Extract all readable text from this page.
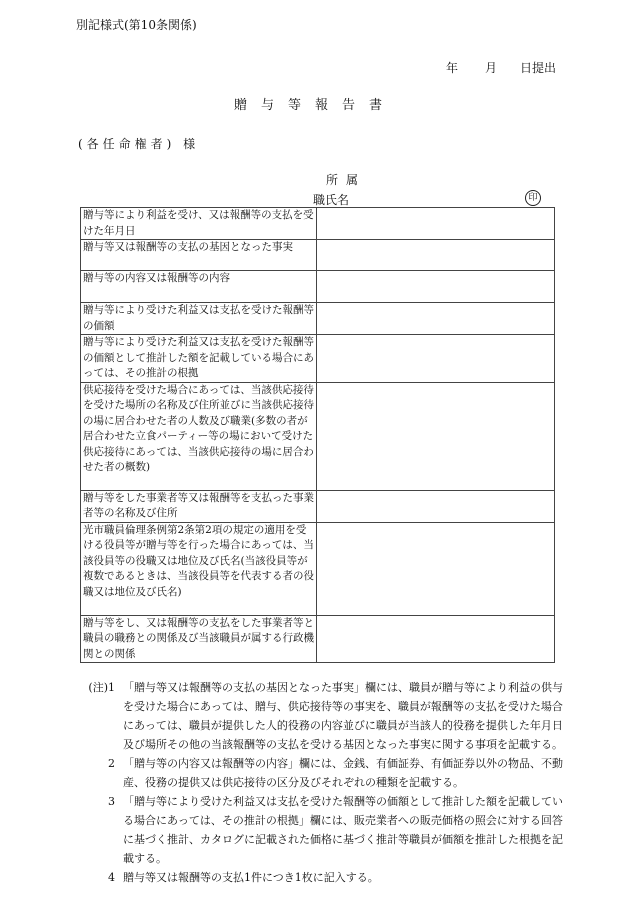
別記様式(第10条関係)
年 月 日提出
贈与等報告書
(各任命権者) 様
所属
職氏名	印
贈与等により利益を受け、又は報酬等の支払を受けた年月日	
贈与等又は報酬等の支払の基因となった事実	
贈与等の内容又は報酬等の内容	
贈与等により受けた利益又は支払を受けた報酬等の価額	
贈与等により受けた利益又は支払を受けた報酬等の価額として推計した額を記載している場合にあっては、その推計の根拠	
供応接待を受けた場合にあっては、当該供応接待を受けた場所の名称及び住所並びに当該供応接待の場に居合わせた者の人数及び職業(多数の者が居合わせた立食パーティー等の場において受けた供応接待にあっては、当該供応接待の場に居合わせた者の概数)	
贈与等をした事業者等又は報酬等を支払った事業者等の名称及び住所	
光市職員倫理条例第2条第2項の規定の適用を受ける役員等が贈与等を行った場合にあっては、当該役員等の役職又は地位及び氏名(当該役員等が複数であるときは、当該役員等を代表する者の役職又は地位及び氏名)	
贈与等をし、又は報酬等の支払をした事業者等と職員の職務との関係及び当該職員が属する行政機関との関係	
(注)1 「贈与等又は報酬等の支払の基因となった事実」欄には、職員が贈与等により利益の供与を受けた場合にあっては、贈与、供応接待等の事実を、職員が報酬等の支払を受けた場合にあっては、職員が提供した人的役務の内容並びに職員が当該人的役務を提供した年月日及び場所その他の当該報酬等の支払を受ける基因となった事実に関する事項を記載する。
2 「贈与等の内容又は報酬等の内容」欄には、金銭、有価証券、有価証券以外の物品、不動産、役務の提供又は供応接待の区分及びそれぞれの種類を記載する。
3 「贈与等により受けた利益又は支払を受けた報酬等の価額として推計した額を記載している場合にあっては、その推計の根拠」欄には、販売業者への販売価格の照会に対する回答に基づく推計、カタログに記載された価格に基づく推計等職員が価額を推計した根拠を記載する。
4 贈与等又は報酬等の支払1件につき1枚に記入する。
